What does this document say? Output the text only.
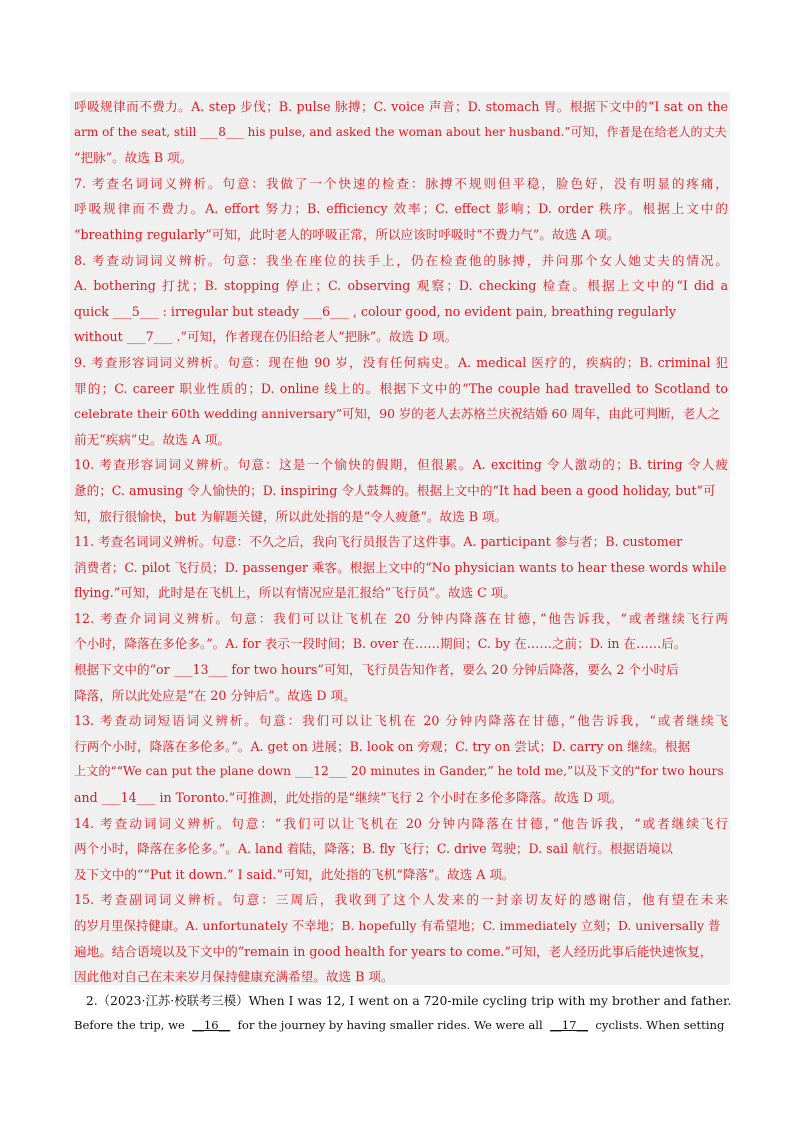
呼吸规律而不费力。A. step 步伐；B. pulse 脉搏；C. voice 声音；D. stomach 胃。根据下文中的“I sat on the
arm of the seat, still ___8___ his pulse, and asked the woman about her husband.”可知，作者是在给老人的丈夫
“把脉”。故选 B 项。
7. 考查名词词义辨析。句意：我做了一个快速的检查：脉搏不规则但平稳，脸色好，没有明显的疼痛，
呼吸规律而不费力。A. effort 努力；B. efficiency 效率；C. effect 影响；D. order 秩序。根据上文中的
“breathing regularly”可知，此时老人的呼吸正常，所以应该时呼吸时“不费力气”。故选 A 项。
8. 考查动词词义辨析。句意：我坐在座位的扶手上，仍在检查他的脉搏，并问那个女人她丈夫的情况。
A. bothering 打扰；B. stopping 停止；C. observing 观察；D. checking 检查。根据上文中的“I did a
quick ___5___ : irregular but steady ___6___ , colour good, no evident pain, breathing regularly
without ___7___ .”可知，作者现在仍旧给老人“把脉”。故选 D 项。
9. 考查形容词词义辨析。句意：现在他 90 岁，没有任何病史。A. medical 医疗的，疾病的；B. criminal 犯
罪的；C. career 职业性质的；D. online 线上的。根据下文中的“The couple had travelled to Scotland to
celebrate their 60th wedding anniversary”可知，90 岁的老人去苏格兰庆祝结婚 60 周年，由此可判断，老人之
前无“疾病”史。故选 A 项。
10. 考查形容词词义辨析。句意：这是一个愉快的假期，但很累。A. exciting 令人激动的；B. tiring 令人疲
惫的；C. amusing 令人愉快的；D. inspiring 令人鼓舞的。根据上文中的“It had been a good holiday, but”可
知，旅行很愉快，but 为解题关键，所以此处指的是“令人疲惫”。故选 B 项。
11. 考查名词词义辨析。句意：不久之后，我向飞行员报告了这件事。A. participant 参与者；B. customer
消费者；C. pilot 飞行员；D. passenger 乘客。根据上文中的“No physician wants to hear these words while
flying.”可知，此时是在飞机上，所以有情况应是汇报给“飞行员”。故选 C 项。
12. 考查介词词义辨析。句意：我们可以让飞机在 20 分钟内降落在甘德，”他告诉我，“或者继续飞行两
个小时，降落在多伦多。”。A. for 表示一段时间；B. over 在……期间；C. by 在……之前；D. in 在……后。
根据下文中的“or ___13___ for two hours”可知，飞行员告知作者，要么 20 分钟后降落，要么 2 个小时后
降落，所以此处应是“在 20 分钟后”。故选 D 项。
13. 考查动词短语词义辨析。句意：我们可以让飞机在 20 分钟内降落在甘德，”他告诉我，“或者继续飞
行两个小时，降落在多伦多。”。A. get on 进展；B. look on 旁观；C. try on 尝试；D. carry on 继续。根据
上文的““We can put the plane down ___12___ 20 minutes in Gander,” he told me,”以及下文的“for two hours
and ___14___ in Toronto.”可推测，此处指的是“继续”飞行 2 个小时在多伦多降落。故选 D 项。
14. 考查动词词义辨析。句意：“我们可以让飞机在 20 分钟内降落在甘德，”他告诉我，“或者继续飞行
两个小时，降落在多伦多。”。A. land 着陆，降落；B. fly 飞行；C. drive 驾驶；D. sail 航行。根据语境以
及下文中的““Put it down.” I said.”可知，此处指的飞机“降落”。故选 A 项。
15. 考查副词词义辨析。句意：三周后，我收到了这个人发来的一封亲切友好的感谢信，他有望在未来
的岁月里保持健康。A. unfortunately 不幸地；B. hopefully 有希望地；C. immediately 立刻；D. universally 普
遍地。结合语境以及下文中的“remain in good health for years to come.”可知，老人经历此事后能快速恢复，
因此他对自己在未来岁月保持健康充满希望。故选 B 项。
2.（2023·江苏·校联考三模）When I was 12, I went on a 720-mile cycling trip with my brother and father.
Before the trip, we  __16__  for the journey by having smaller rides. We were all  __17__  cyclists. When setting
